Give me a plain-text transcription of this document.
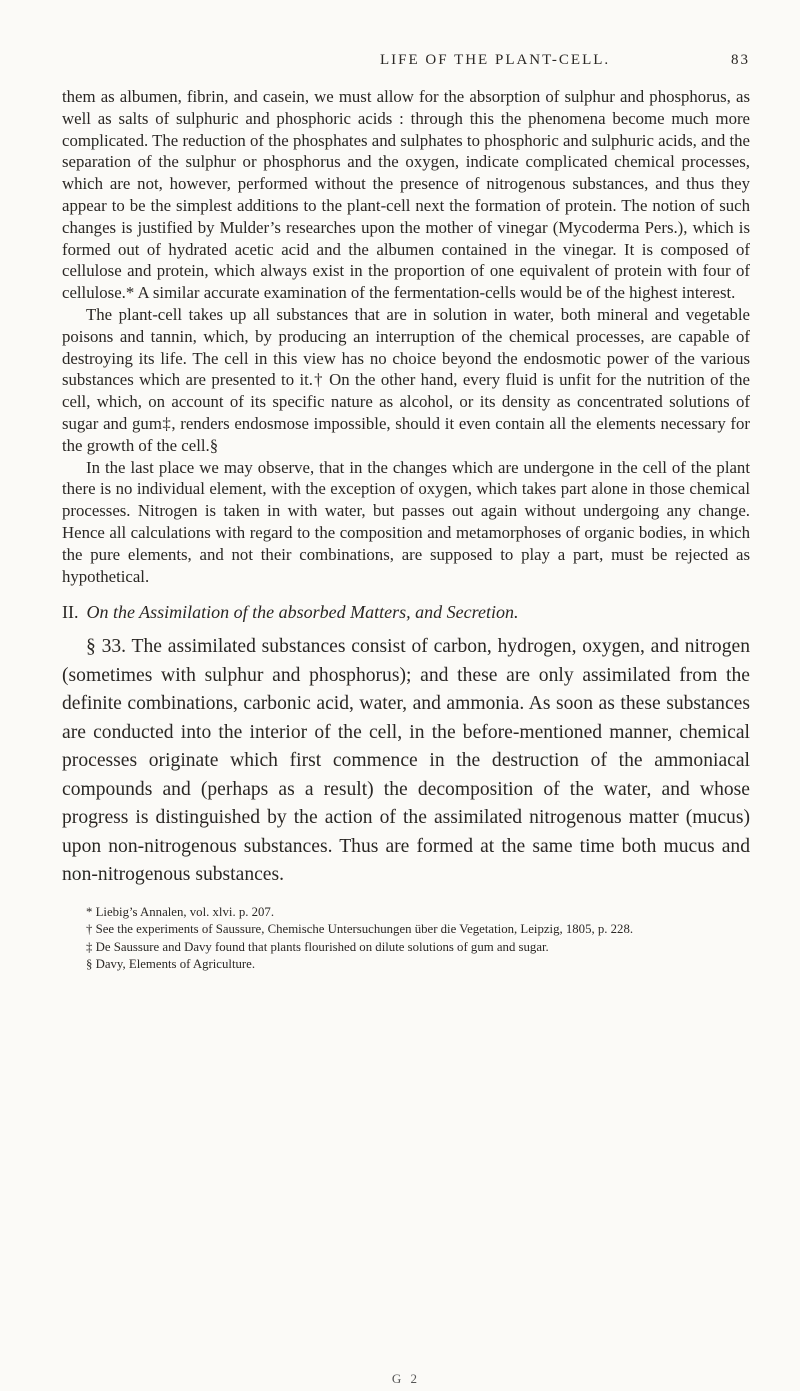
LIFE OF THE PLANT-CELL.	83

them as albumen, fibrin, and casein, we must allow for the absorption of sulphur and phosphorus, as well as salts of sulphuric and phosphoric acids : through this the phenomena become much more complicated. The reduction of the phosphates and sulphates to phosphoric and sulphuric acids, and the separation of the sulphur or phosphorus and the oxygen, indicate complicated chemical processes, which are not, however, performed without the presence of nitrogenous substances, and thus they appear to be the simplest additions to the plant-cell next the formation of protein. The notion of such changes is justified by Mulder’s researches upon the mother of vinegar (Mycoderma Pers.), which is formed out of hydrated acetic acid and the albumen contained in the vinegar. It is composed of cellulose and protein, which always exist in the proportion of one equivalent of protein with four of cellulose.* A similar accurate examination of the fermentation-cells would be of the highest interest.

The plant-cell takes up all substances that are in solution in water, both mineral and vegetable poisons and tannin, which, by producing an interruption of the chemical processes, are capable of destroying its life. The cell in this view has no choice beyond the endosmotic power of the various substances which are presented to it.† On the other hand, every fluid is unfit for the nutrition of the cell, which, on account of its specific nature as alcohol, or its density as concentrated solutions of sugar and gum‡, renders endosmose impossible, should it even contain all the elements necessary for the growth of the cell.§

In the last place we may observe, that in the changes which are undergone in the cell of the plant there is no individual element, with the exception of oxygen, which takes part alone in those chemical processes. Nitrogen is taken in with water, but passes out again without undergoing any change. Hence all calculations with regard to the composition and metamorphoses of organic bodies, in which the pure elements, and not their combinations, are supposed to play a part, must be rejected as hypothetical.

II. On the Assimilation of the absorbed Matters, and Secretion.

§ 33. The assimilated substances consist of carbon, hydrogen, oxygen, and nitrogen (sometimes with sulphur and phosphorus); and these are only assimilated from the definite combinations, carbonic acid, water, and ammonia. As soon as these substances are conducted into the interior of the cell, in the before-mentioned manner, chemical processes originate which first commence in the destruction of the ammoniacal compounds and (perhaps as a result) the decomposition of the water, and whose progress is distinguished by the action of the assimilated nitrogenous matter (mucus) upon non-nitrogenous substances. Thus are formed at the same time both mucus and non-nitrogenous substances.

* Liebig’s Annalen, vol. xlvi. p. 207.

† See the experiments of Saussure, Chemische Untersuchungen über die Vegetation, Leipzig, 1805, p. 228.

‡ De Saussure and Davy found that plants flourished on dilute solutions of gum and sugar.

§ Davy, Elements of Agriculture.

G 2
